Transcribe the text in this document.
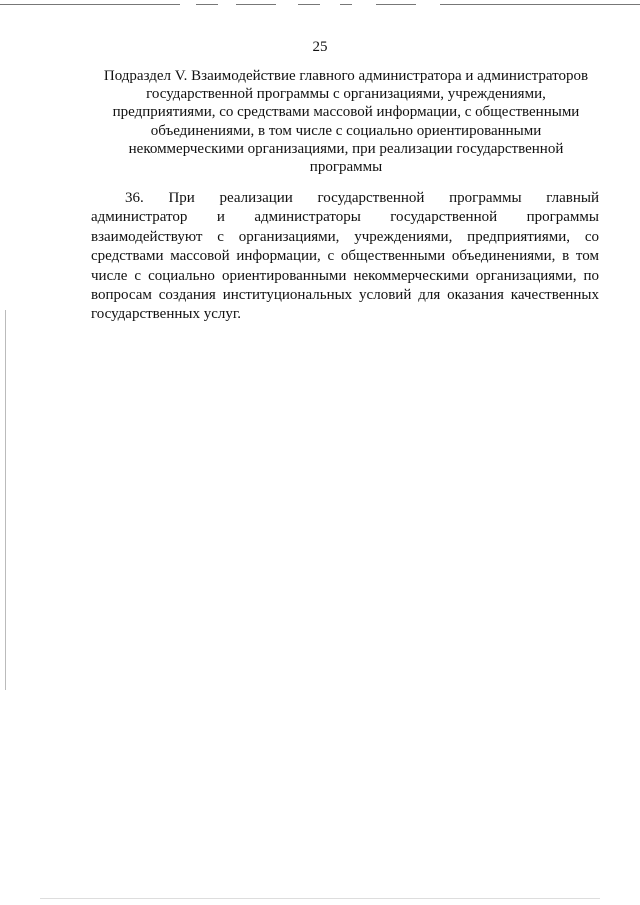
25
Подраздел V. Взаимодействие главного администратора и администраторов
государственной программы с организациями, учреждениями,
предприятиями, со средствами массовой информации, с общественными
объединениями, в том числе с социально ориентированными
некоммерческими организациями, при реализации государственной
программы
36. При реализации государственной программы главный
администратор и администраторы государственной программы
взаимодействуют с организациями, учреждениями, предприятиями, со
средствами массовой информации, с общественными объединениями, в том
числе с социально ориентированными некоммерческими организациями, по
вопросам создания институциональных условий для оказания качественных
государственных услуг.
